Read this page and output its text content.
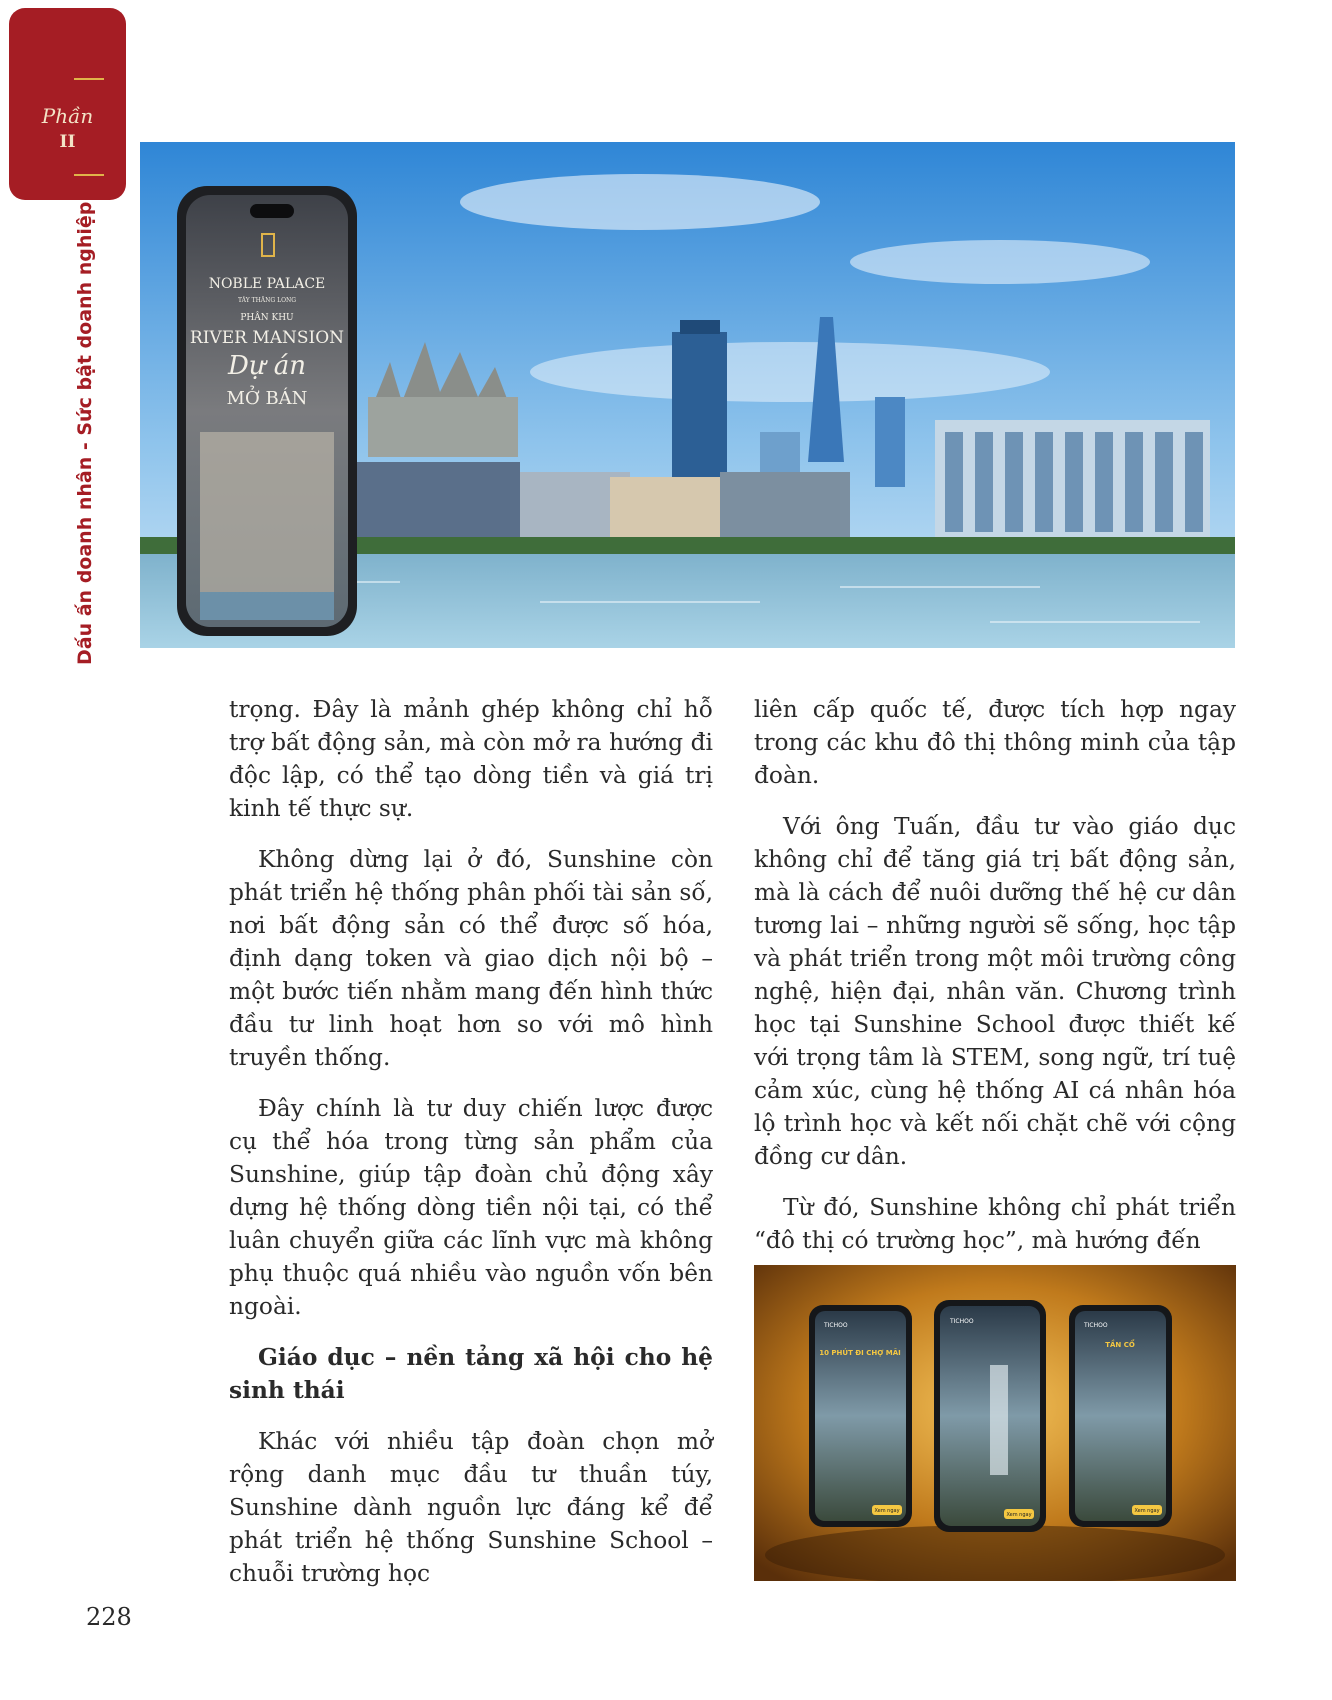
Phần
II
Dấu ấn doanh nhân - Sức bật doanh nghiệp	NOBLE PALACE
TÂY THĂNG LONG
PHÂN KHU
RIVER MANSION
Dự án
MỞ BÁN

trọng. Đây là mảnh ghép không chỉ hỗ trợ bất động sản, mà còn mở ra hướng đi độc lập, có thể tạo dòng tiền và giá trị kinh tế thực sự.

Không dừng lại ở đó, Sunshine còn phát triển hệ thống phân phối tài sản số, nơi bất động sản có thể được số hóa, định dạng token và giao dịch nội bộ – một bước tiến nhằm mang đến hình thức đầu tư linh hoạt hơn so với mô hình truyền thống.

Đây chính là tư duy chiến lược được cụ thể hóa trong từng sản phẩm của Sunshine, giúp tập đoàn chủ động xây dựng hệ thống dòng tiền nội tại, có thể luân chuyển giữa các lĩnh vực mà không phụ thuộc quá nhiều vào nguồn vốn bên ngoài.

Giáo dục – nền tảng xã hội cho hệ sinh thái

Khác với nhiều tập đoàn chọn mở rộng danh mục đầu tư thuần túy, Sunshine dành nguồn lực đáng kể để phát triển hệ thống Sunshine School – chuỗi trường học

liên cấp quốc tế, được tích hợp ngay trong các khu đô thị thông minh của tập đoàn.

Với ông Tuấn, đầu tư vào giáo dục không chỉ để tăng giá trị bất động sản, mà là cách để nuôi dưỡng thế hệ cư dân tương lai – những người sẽ sống, học tập và phát triển trong một môi trường công nghệ, hiện đại, nhân văn. Chương trình học tại Sunshine School được thiết kế với trọng tâm là STEM, song ngữ, trí tuệ cảm xúc, cùng hệ thống AI cá nhân hóa lộ trình học và kết nối chặt chẽ với cộng đồng cư dân.

Từ đó, Sunshine không chỉ phát triển “đô thị có trường học”, mà hướng đến

TICHOO
10 PHÚT ĐI CHỢ MÃI
Xem ngay
TICHOO
Xem ngay
TICHOO
TẦN CỔ
Xem ngay
228
